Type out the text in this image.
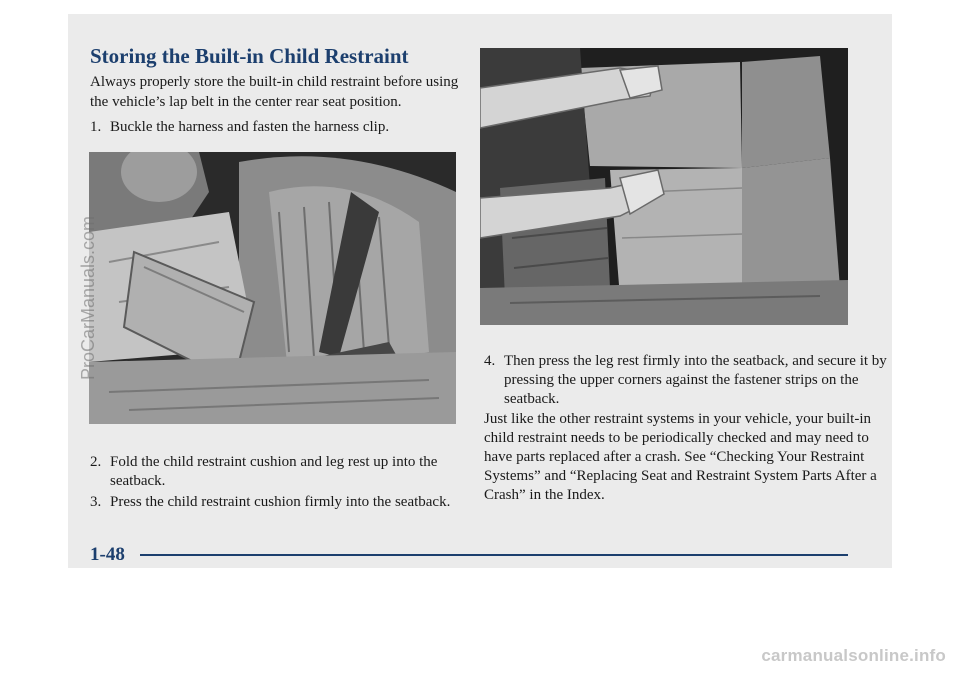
Storing the Built-in Child Restraint

Always properly store the built-in child restraint before using the vehicle’s lap belt in the center rear seat position.

1. Buckle the harness and fasten the harness clip.

2. Fold the child restraint cushion and leg rest up into the seatback.

3. Press the child restraint cushion firmly into the seatback.

4. Then press the leg rest firmly into the seatback, and secure it by pressing the upper corners against the fastener strips on the seatback.

Just like the other restraint systems in your vehicle, your built-in child restraint needs to be periodically checked and may need to have parts replaced after a crash. See “Checking Your Restraint Systems” and “Replacing Seat and Restraint System Parts After a Crash” in the Index.

1-48

ProCarManuals.com
carmanualsonline.info
